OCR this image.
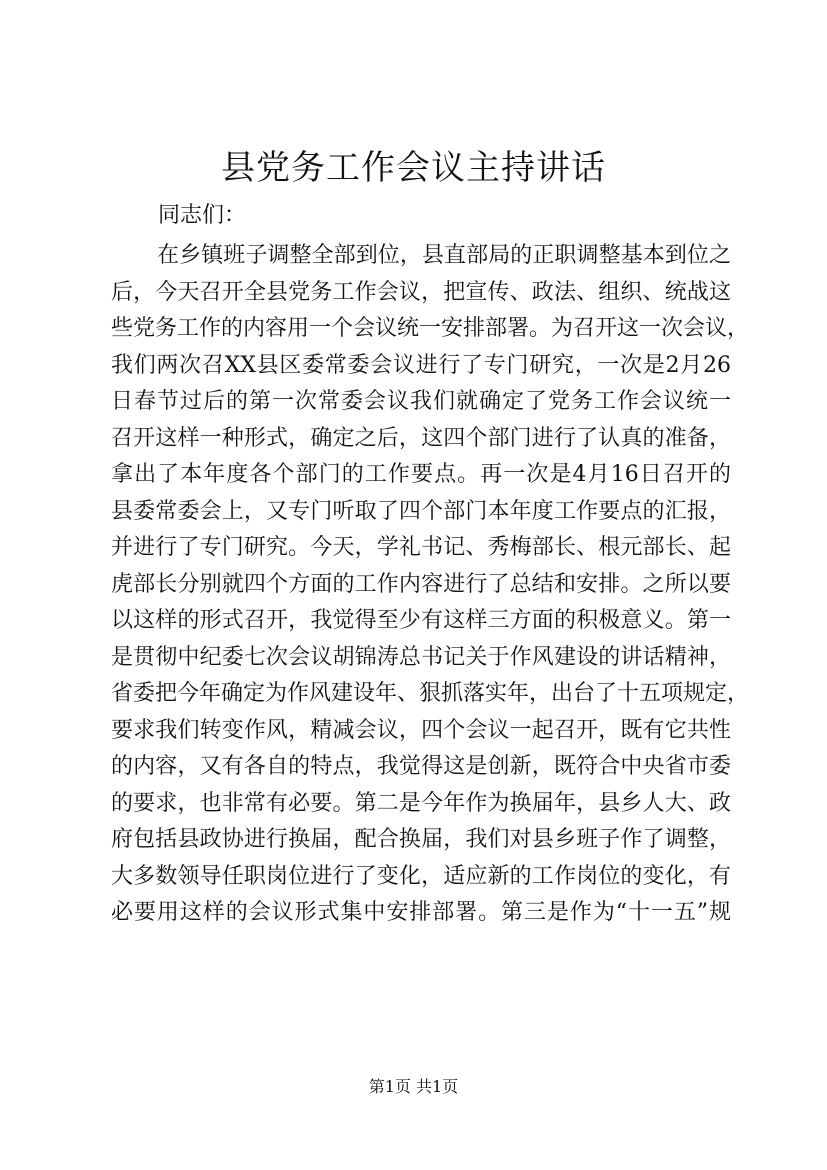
县党务工作会议主持讲话

同志们：

在乡镇班子调整全部到位，县直部局的正职调整基本到位之
后，今天召开全县党务工作会议，把宣传、政法、组织、统战这
些党务工作的内容用一个会议统一安排部署。为召开这一次会议，
我们两次召XX县区委常委会议进行了专门研究，一次是2月26
日春节过后的第一次常委会议我们就确定了党务工作会议统一
召开这样一种形式，确定之后，这四个部门进行了认真的准备，
拿出了本年度各个部门的工作要点。再一次是4月16日召开的
县委常委会上，又专门听取了四个部门本年度工作要点的汇报，
并进行了专门研究。今天，学礼书记、秀梅部长、根元部长、起
虎部长分别就四个方面的工作内容进行了总结和安排。之所以要
以这样的形式召开，我觉得至少有这样三方面的积极意义。第一
是贯彻中纪委七次会议胡锦涛总书记关于作风建设的讲话精神，
省委把今年确定为作风建设年、狠抓落实年，出台了十五项规定，
要求我们转变作风，精减会议，四个会议一起召开，既有它共性
的内容，又有各自的特点，我觉得这是创新，既符合中央省市委
的要求，也非常有必要。第二是今年作为换届年，县乡人大、政
府包括县政协进行换届，配合换届，我们对县乡班子作了调整，
大多数领导任职岗位进行了变化，适应新的工作岗位的变化，有
必要用这样的会议形式集中安排部署。第三是作为“十一五”规

第1页 共1页
